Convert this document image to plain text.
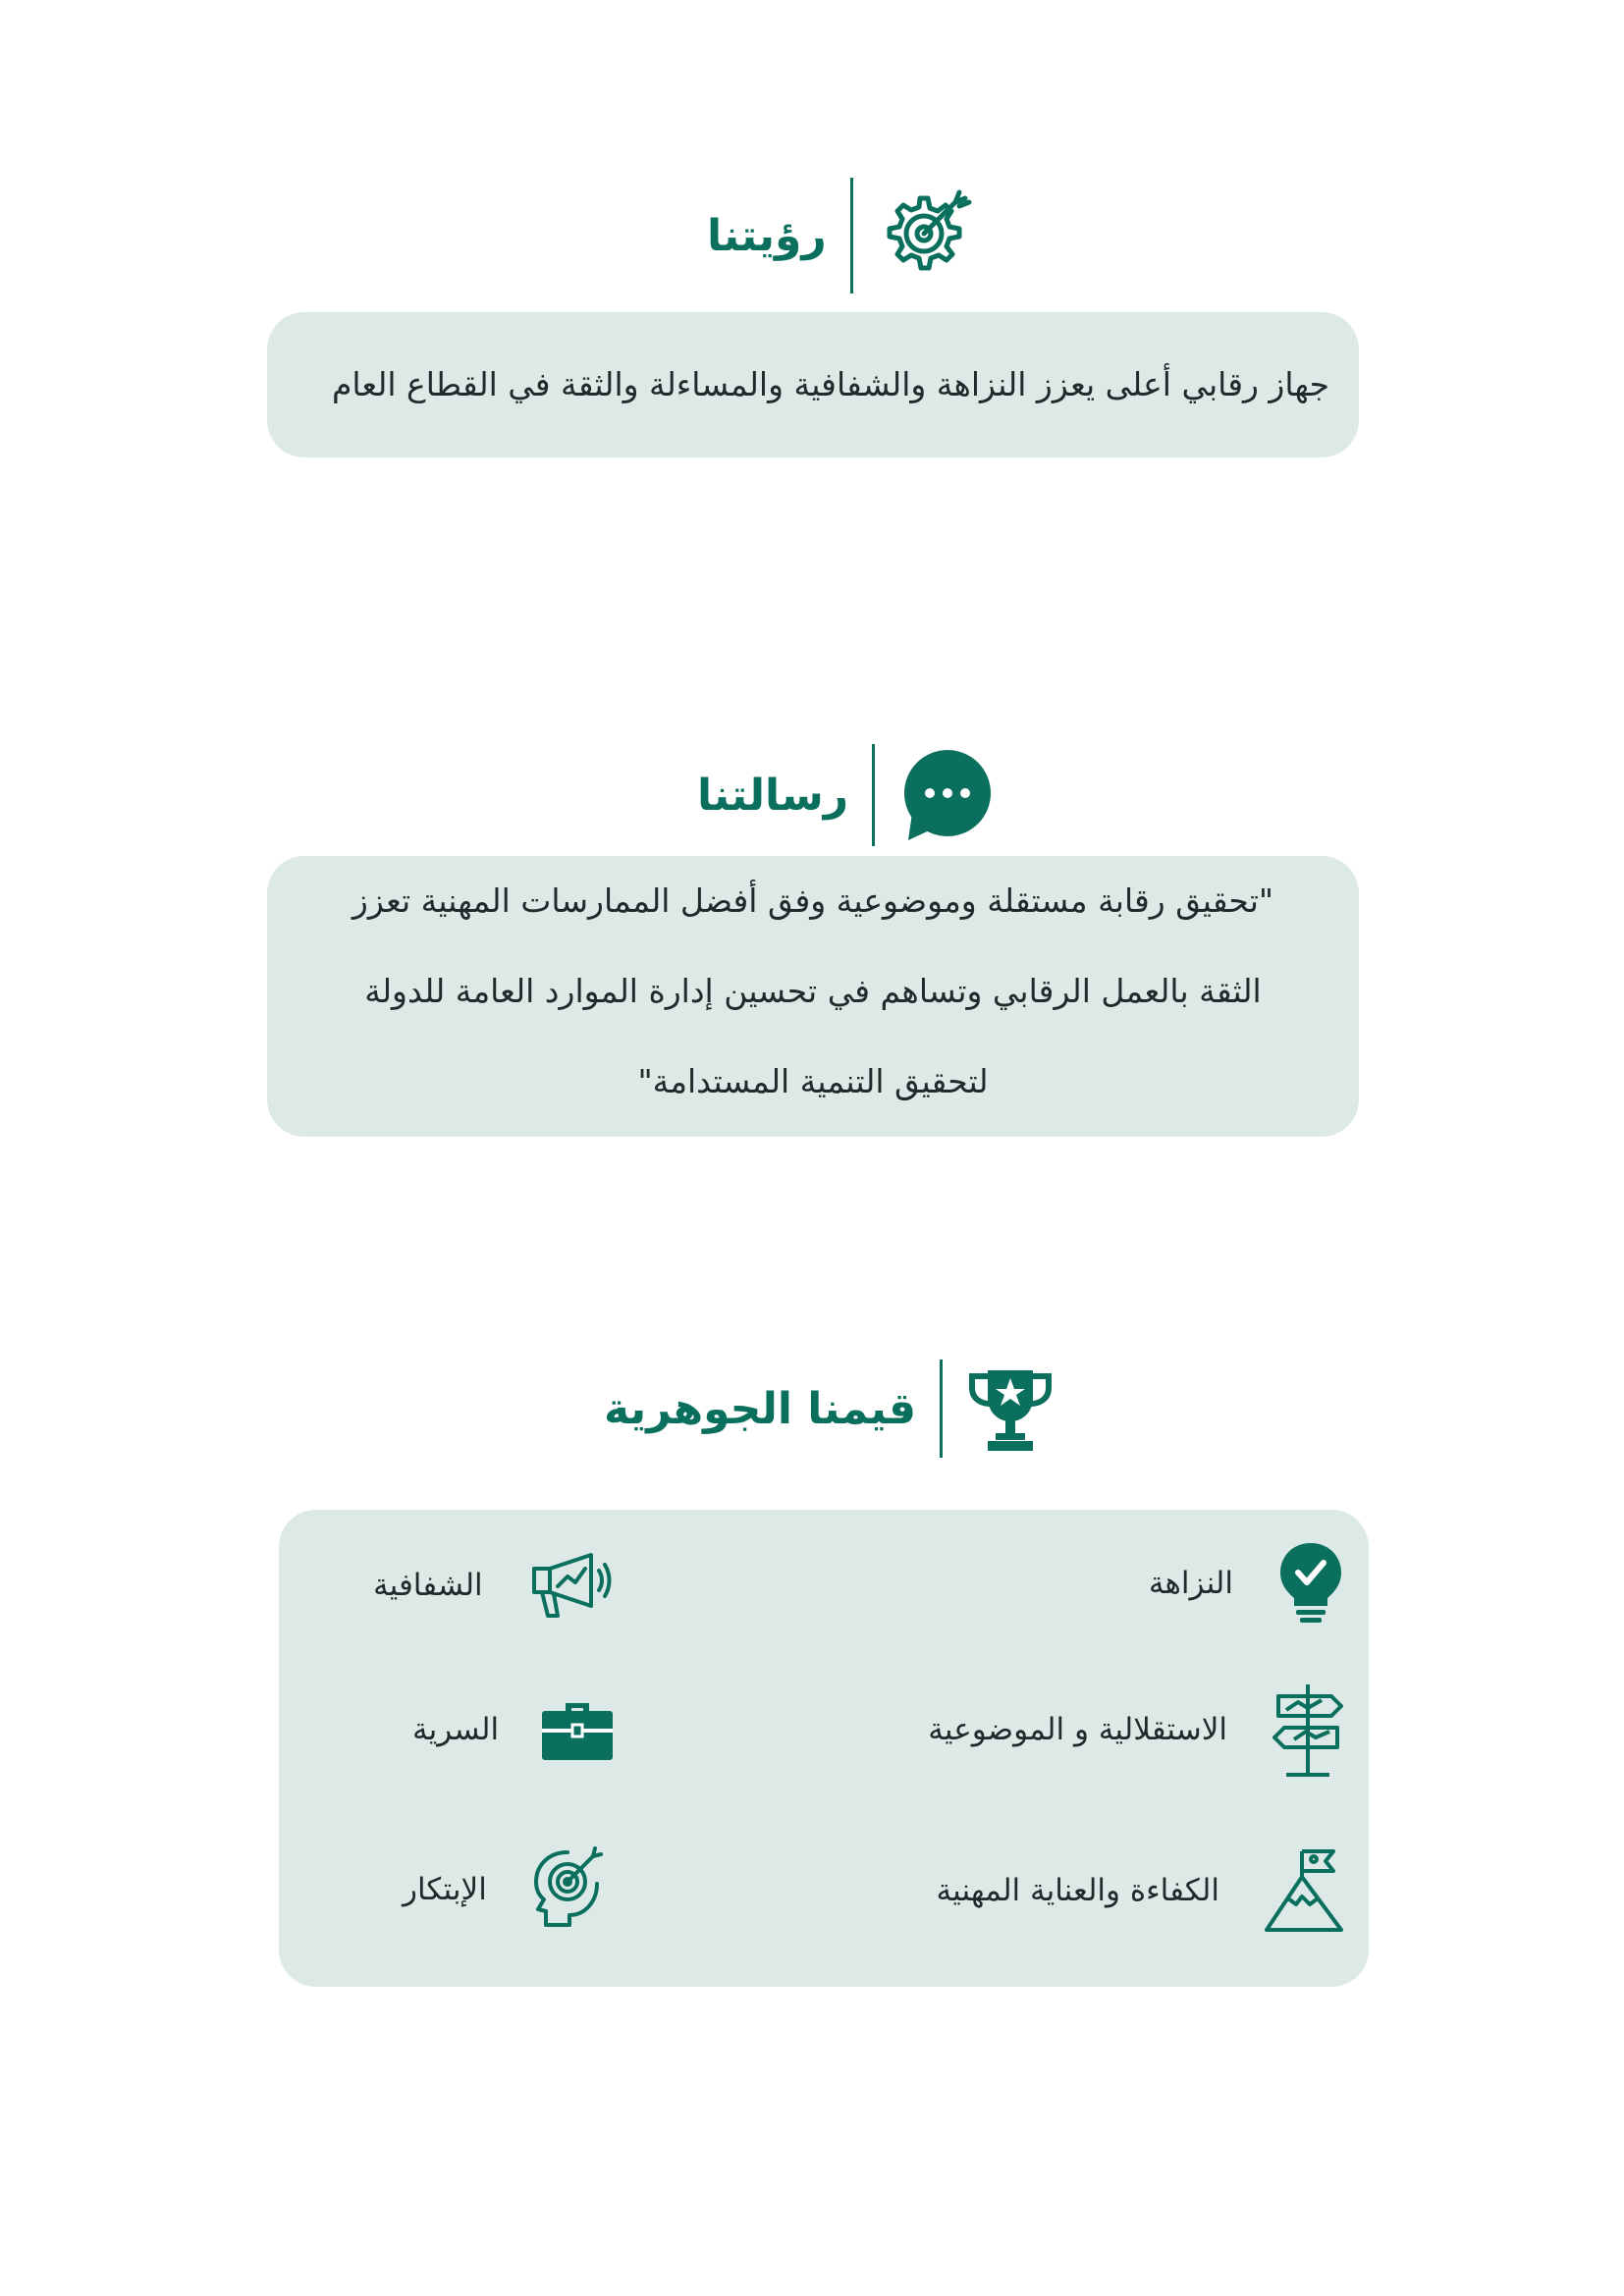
رؤيتنا
جهاز رقابي أعلى يعزز النزاهة والشفافية والمساءلة والثقة في القطاع العام
رسالتنا
"تحقيق رقابة مستقلة وموضوعية وفق أفضل الممارسات المهنية تعزز
الثقة بالعمل الرقابي وتساهم في تحسين إدارة الموارد العامة للدولة
لتحقيق التنمية المستدامة"
قيمنا الجوهرية
النزاهة
الاستقلالية و الموضوعية
الكفاءة والعناية المهنية
الشفافية
السرية
الإبتكار
